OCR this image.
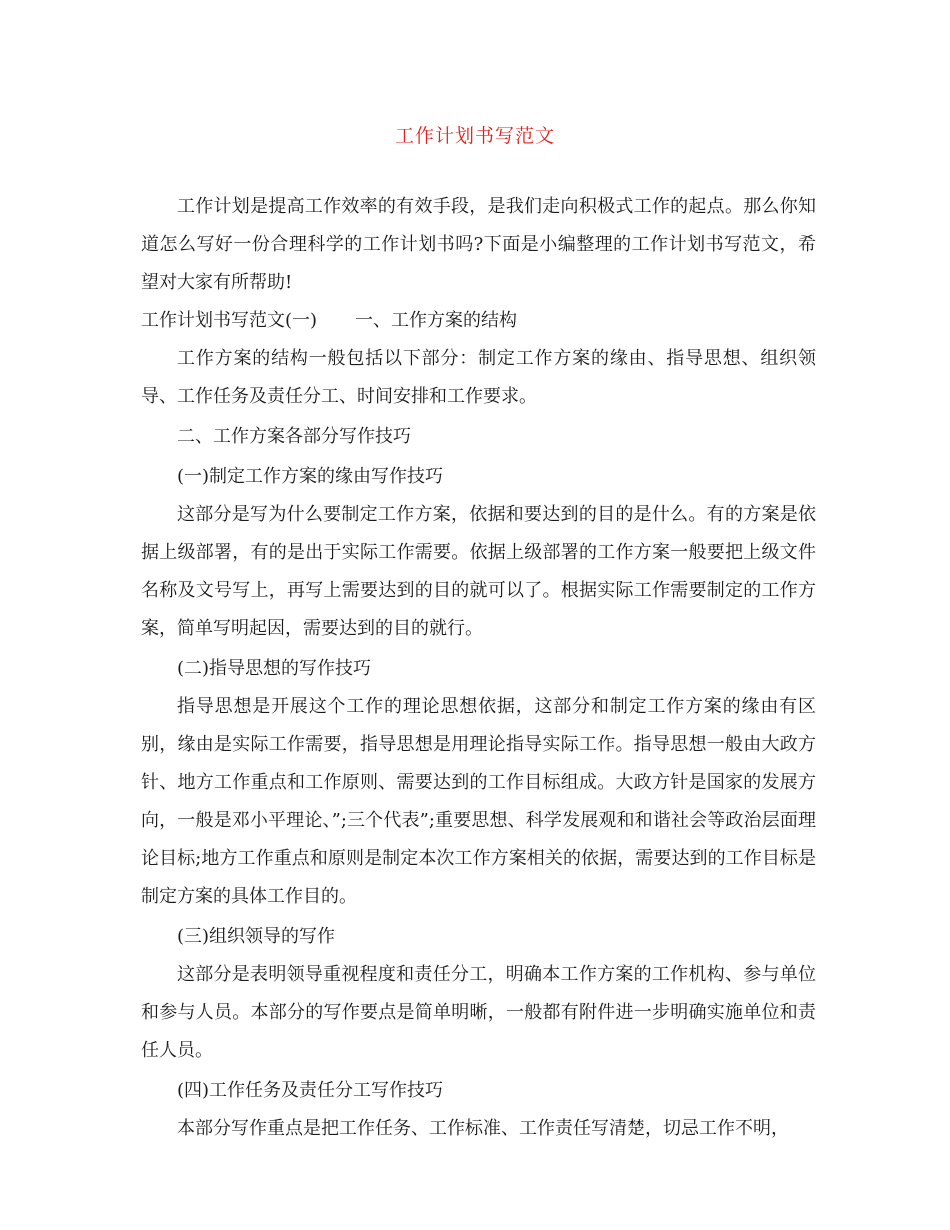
工作计划书写范文

工作计划是提高工作效率的有效手段，是我们走向积极式工作的起点。那么你知道怎么写好一份合理科学的工作计划书吗?下面是小编整理的工作计划书写范文，希望对大家有所帮助!

工作计划书写范文(一) 一、工作方案的结构

工作方案的结构一般包括以下部分：制定工作方案的缘由、指导思想、组织领导、工作任务及责任分工、时间安排和工作要求。

二、工作方案各部分写作技巧

(一)制定工作方案的缘由写作技巧

这部分是写为什么要制定工作方案，依据和要达到的目的是什么。有的方案是依据上级部署，有的是出于实际工作需要。依据上级部署的工作方案一般要把上级文件名称及文号写上，再写上需要达到的目的就可以了。根据实际工作需要制定的工作方案，简单写明起因，需要达到的目的就行。

(二)指导思想的写作技巧

指导思想是开展这个工作的理论思想依据，这部分和制定工作方案的缘由有区别，缘由是实际工作需要，指导思想是用理论指导实际工作。指导思想一般由大政方针、地方工作重点和工作原则、需要达到的工作目标组成。大政方针是国家的发展方向，一般是邓小平理论、”;三个代表”;重要思想、科学发展观和和谐社会等政治层面理论目标;地方工作重点和原则是制定本次工作方案相关的依据，需要达到的工作目标是制定方案的具体工作目的。

(三)组织领导的写作

这部分是表明领导重视程度和责任分工，明确本工作方案的工作机构、参与单位和参与人员。本部分的写作要点是简单明晰，一般都有附件进一步明确实施单位和责任人员。

(四)工作任务及责任分工写作技巧

本部分写作重点是把工作任务、工作标准、工作责任写清楚，切忌工作不明，
